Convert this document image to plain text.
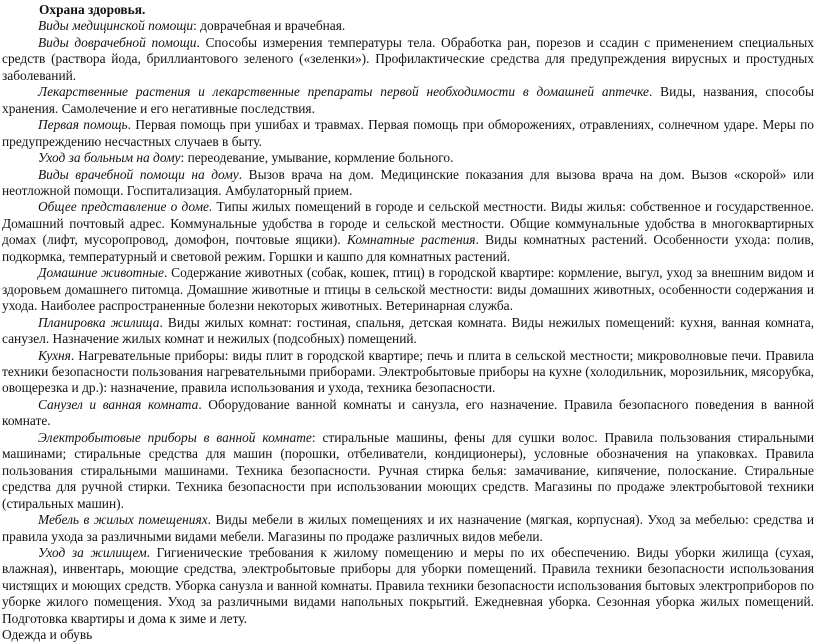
Охрана здоровья.

Виды медицинской помощи: доврачебная и врачебная.

Виды доврачебной помощи. Способы измерения температуры тела. Обработка ран, порезов и ссадин с применением специальных средств (раствора йода, бриллиантового зеленого («зеленки»). Профилактические средства для предупреждения вирусных и простудных заболеваний.

Лекарственные растения и лекарственные препараты первой необходимости в домашней аптечке. Виды, названия, способы хранения. Самолечение и его негативные последствия.

Первая помощь. Первая помощь при ушибах и травмах. Первая помощь при обмороженияx, отравлениях, солнечном ударе. Меры по предупреждению несчастных случаев в быту.

Уход за больным на дому: переодевание, умывание, кормление больного.

Виды врачебной помощи на дому. Вызов врача на дом. Медицинские показания для вызова врача на дом. Вызов «скорой» или неотложной помощи. Госпитализация. Амбулаторный прием.

Общее представление о доме. Типы жилых помещений в городе и сельской местности. Виды жилья: собственное и государственное. Домашний почтовый адрес. Коммунальные удобства в городе и сельской местности. Общие коммунальные удобства в многоквартирных домах (лифт, мусоропровод, домофон, почтовые ящики). Комнатные растения. Виды комнатных растений. Особенности ухода: полив, подкормка, температурный и световой режим. Горшки и кашпо для комнатных растений.

Домашние животные. Содержание животных (собак, кошек, птиц) в городской квартире: кормление, выгул, уход за внешним видом и здоровьем домашнего питомца. Домашние животные и птицы в сельской местности: виды домашних животных, особенности содержания и ухода. Наиболее распространенные болезни некоторых животных. Ветеринарная служба.

Планировка жилища. Виды жилых комнат: гостиная, спальня, детская комната. Виды нежилых помещений: кухня, ванная комната, санузел. Назначение жилых комнат и нежилых (подсобных) помещений.

Кухня. Нагревательные приборы: виды плит в городской квартире; печь и плита в сельской местности; микроволновые печи. Правила техники безопасности пользования нагревательными приборами. Электробытовые приборы на кухне (холодильник, морозильник, мясорубка, овощерезка и др.): назначение, правила использования и ухода, техника безопасности.

Санузел и ванная комната. Оборудование ванной комнаты и санузла, его назначение. Правила безопасного поведения в ванной комнате.

Электробытовые приборы в ванной комнате: стиральные машины, фены для сушки волос. Правила пользования стиральными машинами; стиральные средства для машин (порошки, отбеливатели, кондиционеры), условные обозначения на упаковках. Правила пользования стиральными машинами. Техника безопасности. Ручная стирка белья: замачивание, кипячение, полоскание. Стиральные средства для ручной стирки. Техника безопасности при использовании моющих средств. Магазины по продаже электробытовой техники (стиральных машин).

Мебель в жилых помещениях. Виды мебели в жилых помещениях и их назначение (мягкая, корпусная). Уход за мебелью: средства и правила ухода за различными видами мебели. Магазины по продаже различных видов мебели.

Уход за жилищем. Гигиенические требования к жилому помещению и меры по их обеспечению. Виды уборки жилища (сухая, влажная), инвентарь, моющие средства, электробытовые приборы для уборки помещений. Правила техники безопасности использования чистящих и моющих средств. Уборка санузла и ванной комнаты. Правила техники безопасности использования бытовых электроприборов по уборке жилого помещения. Уход за различными видами напольных покрытий. Ежедневная уборка. Сезонная уборка жилых помещений. Подготовка квартиры и дома к зиме и лету.

Одежда и обувь
